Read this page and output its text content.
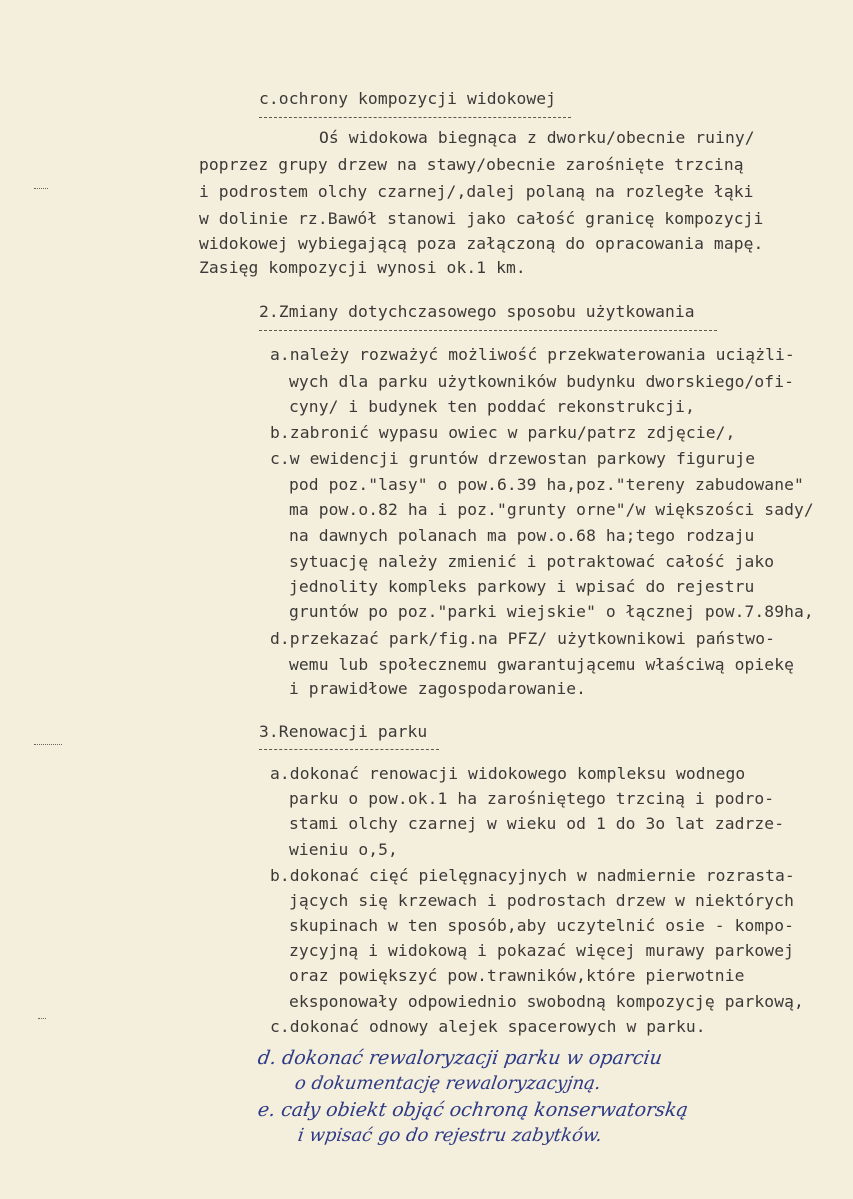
c.ochrony kompozycji widokowej
Oś widokowa biegnąca z dworku/obecnie ruiny/
poprzez grupy drzew na stawy/obecnie zarośnięte trzciną
i podrostem olchy czarnej/,dalej polaną na rozległe łąki
w dolinie rz.Bawół stanowi jako całość granicę kompozycji
widokowej wybiegającą poza załączoną do opracowania mapę.
Zasięg kompozycji wynosi ok.1 km.
2.Zmiany dotychczasowego sposobu użytkowania
a.należy rozważyć możliwość przekwaterowania uciążli-
wych dla parku użytkowników budynku dworskiego/ofi-
cyny/ i budynek ten poddać rekonstrukcji,
b.zabronić wypasu owiec w parku/patrz zdjęcie/,
c.w ewidencji gruntów drzewostan parkowy figuruje
pod poz."lasy" o pow.6.39 ha,poz."tereny zabudowane"
ma pow.o.82 ha i poz."grunty orne"/w większości sady/
na dawnych polanach ma pow.o.68 ha;tego rodzaju
sytuację należy zmienić i potraktować całość jako
jednolity kompleks parkowy i wpisać do rejestru
gruntów po poz."parki wiejskie" o łącznej pow.7.89ha,
d.przekazać park/fig.na PFZ/ użytkownikowi państwo-
wemu lub społecznemu gwarantującemu właściwą opiekę
i prawidłowe zagospodarowanie.
3.Renowacji parku
a.dokonać renowacji widokowego kompleksu wodnego
parku o pow.ok.1 ha zarośniętego trzciną i podro-
stami olchy czarnej w wieku od 1 do 3o lat zadrze-
wieniu o,5,
b.dokonać cięć pielęgnacyjnych w nadmiernie rozrasta-
jących się krzewach i podrostach drzew w niektórych
skupinach w ten sposób,aby uczytelnić osie - kompo-
zycyjną i widokową i pokazać więcej murawy parkowej
oraz powiększyć pow.trawników,które pierwotnie
eksponowały odpowiednio swobodną kompozycję parkową,
c.dokonać odnowy alejek spacerowych w parku.
d. dokonać rewaloryzacji parku w oparciu
o dokumentację rewaloryzacyjną.
e. cały obiekt objąć ochroną konserwatorską
i wpisać go do rejestru zabytków.
